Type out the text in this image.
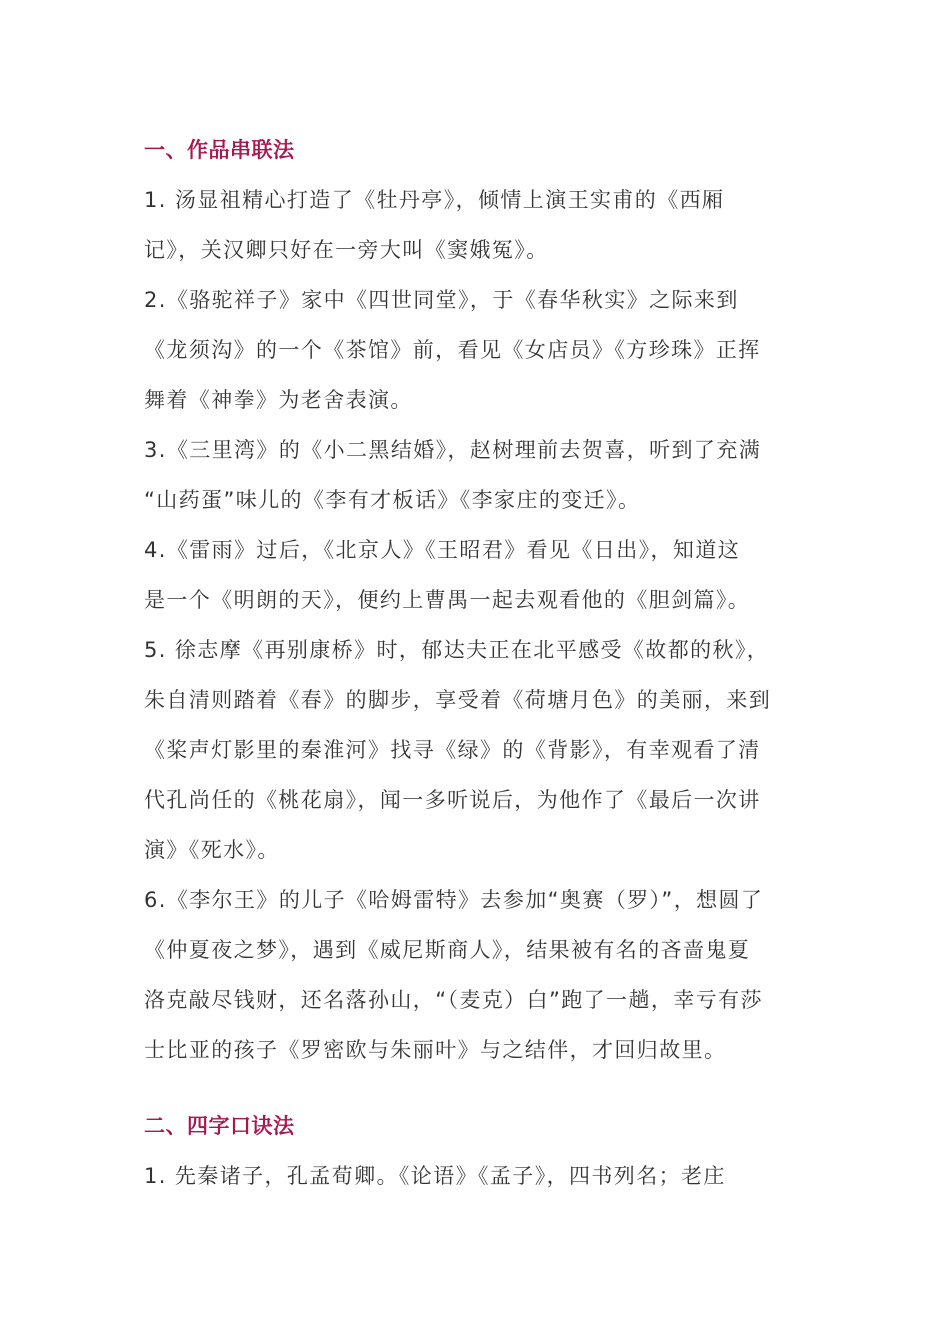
一、作品串联法
1. 汤显祖精心打造了《牡丹亭》，倾情上演王实甫的《西厢
记》，关汉卿只好在一旁大叫《窦娥冤》。
2.《骆驼祥子》家中《四世同堂》，于《春华秋实》之际来到
《龙须沟》的一个《茶馆》前，看见《女店员》《方珍珠》正挥
舞着《神拳》为老舍表演。
3.《三里湾》的《小二黑结婚》，赵树理前去贺喜，听到了充满
“山药蛋”味儿的《李有才板话》《李家庄的变迁》。
4.《雷雨》过后，《北京人》《王昭君》看见《日出》，知道这
是一个《明朗的天》，便约上曹禺一起去观看他的《胆剑篇》。
5. 徐志摩《再别康桥》时，郁达夫正在北平感受《故都的秋》，
朱自清则踏着《春》的脚步，享受着《荷塘月色》的美丽，来到
《桨声灯影里的秦淮河》找寻《绿》的《背影》，有幸观看了清
代孔尚任的《桃花扇》，闻一多听说后，为他作了《最后一次讲
演》《死水》。
6.《李尔王》的儿子《哈姆雷特》去参加“奥赛（罗）”，想圆了
《仲夏夜之梦》，遇到《威尼斯商人》，结果被有名的吝啬鬼夏
洛克敲尽钱财，还名落孙山，“（麦克）白”跑了一趟，幸亏有莎
士比亚的孩子《罗密欧与朱丽叶》与之结伴，才回归故里。
二、四字口诀法
1. 先秦诸子，孔孟荀卿。《论语》《孟子》，四书列名；老庄
